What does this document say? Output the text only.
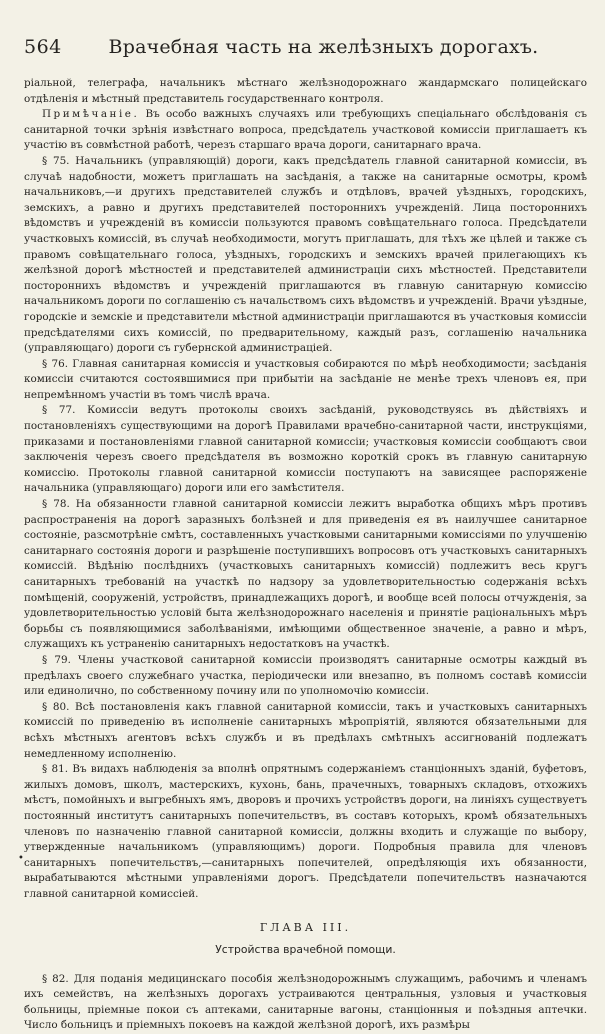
564	Врачебная часть на желѣзныхъ дорогахъ.

ріальной, телеграфа, начальникъ мѣстнаго желѣзнодорожнаго жандармскаго полицейскаго отдѣленія и мѣстный представитель государственнаго контроля.

Примѣчаніе. Въ особо важныхъ случаяхъ или требующихъ спеціальнаго обслѣдованія съ санитарной точки зрѣнія извѣстнаго вопроса, предсѣдатель участковой комиссіи приглашаетъ къ участію въ совмѣстной работѣ, черезъ старшаго врача дороги, санитарнаго врача.

§ 75. Начальникъ (управляющій) дороги, какъ предсѣдатель главной санитарной комиссіи, въ случаѣ надобности, можетъ приглашать на засѣданія, а также на санитарные осмотры, кромѣ начальниковъ,—и другихъ представителей службъ и отдѣловъ, врачей уѣздныхъ, городскихъ, земскихъ, а равно и другихъ представителей постороннихъ учрежденій. Лица постороннихъ вѣдомствъ и учрежденій въ комиссіи пользуются правомъ совѣщательнаго голоса. Предсѣдатели участковыхъ комиссій, въ случаѣ необходимости, могутъ приглашать, для тѣхъ же цѣлей и также съ правомъ совѣщательнаго голоса, уѣздныхъ, городскихъ и земскихъ врачей прилегающихъ къ желѣзной дорогѣ мѣстностей и представителей администраціи сихъ мѣстностей. Представители постороннихъ вѣдомствъ и учрежденій приглашаются въ главную санитарную комиссію начальникомъ дороги по соглашенію съ начальствомъ сихъ вѣдомствъ и учрежденій. Врачи уѣздные, городскіе и земскіе и представители мѣстной администраціи приглашаются въ участковыя комиссіи предсѣдателями сихъ комиссій, по предварительному, каждый разъ, соглашенію начальника (управляющаго) дороги съ губернской администраціей.

§ 76. Главная санитарная комиссія и участковыя собираются по мѣрѣ необходимости; засѣданія комиссіи считаются состоявшимися при прибытіи на засѣданіе не менѣе трехъ членовъ ея, при непремѣнномъ участіи въ томъ числѣ врача.

§ 77. Комиссіи ведутъ протоколы своихъ засѣданій, руководствуясь въ дѣйствіяхъ и постановленіяхъ существующими на дорогѣ Правилами врачебно-санитарной части, инструкціями, приказами и постановленіями главной санитарной комиссіи; участковыя комиссіи сообщаютъ свои заключенія черезъ своего предсѣдателя въ возможно короткій срокъ въ главную санитарную комиссію. Протоколы главной санитарной комиссіи поступаютъ на зависящее распоряженіе начальника (управляющаго) дороги или его замѣстителя.

§ 78. На обязанности главной санитарной комиссіи лежитъ выработка общихъ мѣръ противъ распространенія на дорогѣ заразныхъ болѣзней и для приведенія ея въ наилучшее санитарное состояніе, разсмотрѣніе смѣтъ, составленныхъ участковыми санитарными комиссіями по улучшенію санитарнаго состоянія дороги и разрѣшеніе поступившихъ вопросовъ отъ участковыхъ санитарныхъ комиссій. Вѣдѣнію послѣднихъ (участковыхъ санитарныхъ комиссій) подлежитъ весь кругъ санитарныхъ требованій на участкѣ по надзору за удовлетворительностью содержанія всѣхъ помѣщеній, сооруженій, устройствъ, принадлежащихъ дорогѣ, и вообще всей полосы отчужденія, за удовлетворительностью условій быта желѣзнодорожнаго населенія и принятіе раціональныхъ мѣръ борьбы съ появляющимися заболѣваніями, имѣющими общественное значеніе, а равно и мѣръ, служащихъ къ устраненію санитарныхъ недостатковъ на участкѣ.

§ 79. Члены участковой санитарной комиссіи производятъ санитарные осмотры каждый въ предѣлахъ своего служебнаго участка, періодически или внезапно, въ полномъ составѣ комиссіи или единолично, по собственному почину или по уполномочію комиссіи.

§ 80. Всѣ постановленія какъ главной санитарной комиссіи, такъ и участковыхъ санитарныхъ комиссій по приведенію въ исполненіе санитарныхъ мѣропріятій, являются обязательными для всѣхъ мѣстныхъ агентовъ всѣхъ службъ и въ предѣлахъ смѣтныхъ ассигнованій подлежатъ немедленному исполненію.

§ 81. Въ видахъ наблюденія за вполнѣ опрятнымъ содержаніемъ станціонныхъ зданій, буфетовъ, жилыхъ домовъ, школъ, мастерскихъ, кухонь, бань, прачечныхъ, товарныхъ складовъ, отхожихъ мѣстъ, помойныхъ и выгребныхъ ямъ, дворовъ и прочихъ устройствъ дороги, на линіяхъ существуетъ постоянный институтъ санитарныхъ попечительствъ, въ составъ которыхъ, кромѣ обязательныхъ членовъ по назначенію главной санитарной комиссіи, должны входить и служащіе по выбору, утвержденные начальникомъ (управляющимъ) дороги. Подробныя правила для членовъ санитарныхъ попечительствъ,—санитарныхъ попечителей, опредѣляющія ихъ обязанности, вырабатываются мѣстными управленіями дорогъ. Предсѣдатели попечительствъ назначаются главной санитарной комиссіей.

ГЛАВА III.
Устройства врачебной помощи.

§ 82. Для поданія медицинскаго пособія желѣзнодорожнымъ служащимъ, рабочимъ и членамъ ихъ семействъ, на желѣзныхъ дорогахъ устраиваются центральныя, узловыя и участковыя больницы, пріемные покои съ аптеками, санитарные вагоны, станціонныя и поѣздныя аптечки. Число больницъ и пріемныхъ покоевъ на каждой желѣзной дорогѣ, ихъ размѣры

•
